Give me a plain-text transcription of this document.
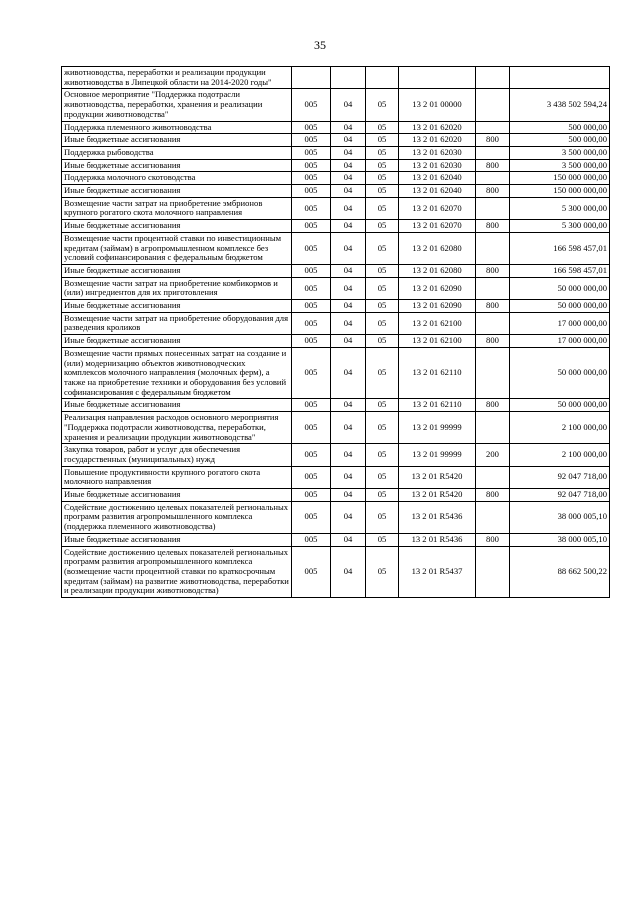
35
животноводства, переработки и реализации продукции животноводства в Липецкой области на 2014-2020 годы"						
Основное мероприятие "Поддержка подотрасли животноводства, переработки, хранения и реализации продукции животноводства"	005	04	05	13 2 01 00000		3 438 502 594,24
Поддержка племенного животноводства	005	04	05	13 2 01 62020		500 000,00
Иные бюджетные ассигнования	005	04	05	13 2 01 62020	800	500 000,00
Поддержка рыбоводства	005	04	05	13 2 01 62030		3 500 000,00
Иные бюджетные ассигнования	005	04	05	13 2 01 62030	800	3 500 000,00
Поддержка молочного скотоводства	005	04	05	13 2 01 62040		150 000 000,00
Иные бюджетные ассигнования	005	04	05	13 2 01 62040	800	150 000 000,00
Возмещение части затрат на приобретение эмбрионов крупного рогатого скота молочного направления	005	04	05	13 2 01 62070		5 300 000,00
Иные бюджетные ассигнования	005	04	05	13 2 01 62070	800	5 300 000,00
Возмещение части процентной ставки по инвестиционным кредитам (займам) в агропромышленном комплексе без условий софинансирования с федеральным бюджетом	005	04	05	13 2 01 62080		166 598 457,01
Иные бюджетные ассигнования	005	04	05	13 2 01 62080	800	166 598 457,01
Возмещение части затрат на приобретение комбикормов и (или) ингредиентов для их приготовления	005	04	05	13 2 01 62090		50 000 000,00
Иные бюджетные ассигнования	005	04	05	13 2 01 62090	800	50 000 000,00
Возмещение части затрат на приобретение оборудования для разведения кроликов	005	04	05	13 2 01 62100		17 000 000,00
Иные бюджетные ассигнования	005	04	05	13 2 01 62100	800	17 000 000,00
Возмещение части прямых понесенных затрат на создание и (или) модернизацию объектов животноводческих комплексов молочного направления (молочных ферм), а также на приобретение техники и оборудования без условий софинансирования с федеральным бюджетом	005	04	05	13 2 01 62110		50 000 000,00
Иные бюджетные ассигнования	005	04	05	13 2 01 62110	800	50 000 000,00
Реализация направления расходов основного мероприятия "Поддержка подотрасли животноводства, переработки, хранения и реализации продукции животноводства"	005	04	05	13 2 01 99999		2 100 000,00
Закупка товаров, работ и услуг для обеспечения государственных (муниципальных) нужд	005	04	05	13 2 01 99999	200	2 100 000,00
Повышение продуктивности крупного рогатого скота молочного направления	005	04	05	13 2 01 R5420		92 047 718,00
Иные бюджетные ассигнования	005	04	05	13 2 01 R5420	800	92 047 718,00
Содействие достижению целевых показателей региональных программ развития агропромышленного комплекса (поддержка племенного животноводства)	005	04	05	13 2 01 R5436		38 000 005,10
Иные бюджетные ассигнования	005	04	05	13 2 01 R5436	800	38 000 005,10
Содействие достижению целевых показателей региональных программ развития агропромышленного комплекса (возмещение части процентной ставки по краткосрочным кредитам (займам) на развитие животноводства, переработки и реализации продукции животноводства)	005	04	05	13 2 01 R5437		88 662 500,22
